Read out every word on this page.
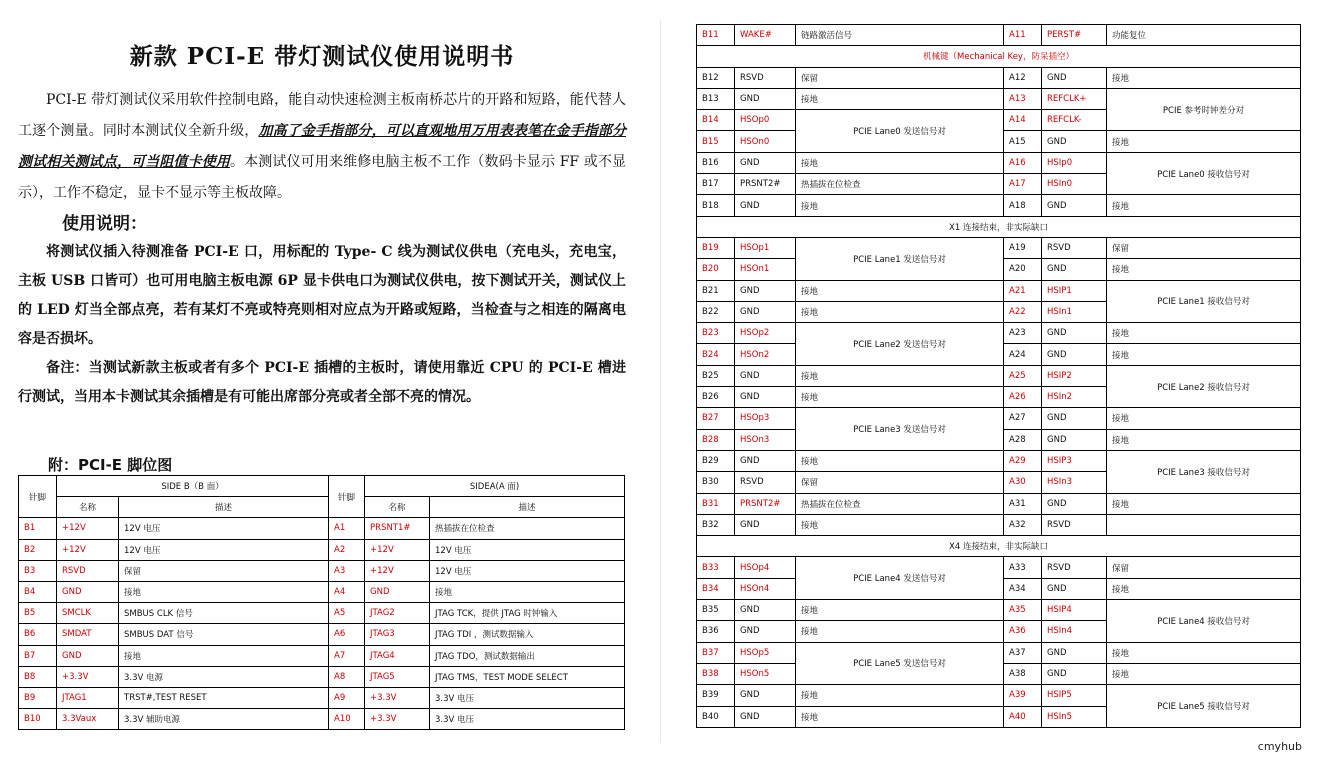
新款 PCI-E 带灯测试仪使用说明书

PCI-E 带灯测试仪采用软件控制电路，能自动快速检测主板南桥芯片的开路和短路，能代替人工逐个测量。同时本测试仪全新升级，加高了金手指部分，可以直观地用万用表表笔在金手指部分测试相关测试点，可当阻值卡使用。本测试仪可用来维修电脑主板不工作（数码卡显示 FF 或不显示），工作不稳定，显卡不显示等主板故障。

使用说明：

将测试仪插入待测准备 PCI-E 口，用标配的 Type- C 线为测试仪供电（充电头，充电宝，主板 USB 口皆可）也可用电脑主板电源 6P 显卡供电口为测试仪供电，按下测试开关，测试仪上的 LED 灯当全部点亮，若有某灯不亮或特亮则相对应点为开路或短路，当检查与之相连的隔离电容是否损坏。

备注：当测试新款主板或者有多个 PCI-E 插槽的主板时，请使用靠近 CPU 的 PCI-E 槽进行测试，当用本卡测试其余插槽是有可能出席部分亮或者全部不亮的情况。

附：PCI-E 脚位图

针脚	SIDE B（B 面）		针脚	SIDEA(A 面)	
	名称	描述		名称	描述
B1	+12V	12V 电压	A1	PRSNT1#	热插拔在位检查
B2	+12V	12V 电压	A2	+12V	12V 电压
B3	RSVD	保留	A3	+12V	12V 电压
B4	GND	接地	A4	GND	接地
B5	SMCLK	SMBUS CLK 信号	A5	JTAG2	JTAG TCK，提供 JTAG 时钟输入
B6	SMDAT	SMBUS DAT 信号	A6	JTAG3	JTAG TDI ，测试数据输入
B7	GND	接地	A7	JTAG4	JTAG TDO，测试数据输出
B8	+3.3V	3.3V 电源	A8	JTAG5	JTAG TMS，TEST MODE SELECT
B9	JTAG1	TRST#,TEST RESET	A9	+3.3V	3.3V 电压
B10	3.3Vaux	3.3V 辅助电源	A10	+3.3V	3.3V 电压
B11	WAKE#	链路激活信号	A11	PERST#	功能复位
机械键（Mechanical Key，防呆插空）					
B12	RSVD	保留	A12	GND	接地
B13	GND	接地	A13	REFCLK+	PCIE 参考时钟差分对
B14	HSOp0	PCIE Lane0 发送信号对	A14	REFCLK-	
B15	HSOn0		A15	GND	接地
B16	GND	接地	A16	HSIp0	PCIE Lane0 接收信号对
B17	PRSNT2#	热插拔在位检查	A17	HSIn0	
B18	GND	接地	A18	GND	接地
X1 连接结束，非实际缺口					
B19	HSOp1	PCIE Lane1 发送信号对	A19	RSVD	保留
B20	HSOn1		A20	GND	接地
B21	GND	接地	A21	HSIP1	PCIE Lane1 接收信号对
B22	GND	接地	A22	HSIn1	
B23	HSOp2	PCIE Lane2 发送信号对	A23	GND	接地
B24	HSOn2		A24	GND	接地
B25	GND	接地	A25	HSIP2	PCIE Lane2 接收信号对
B26	GND	接地	A26	HSIn2	
B27	HSOp3	PCIE Lane3 发送信号对	A27	GND	接地
B28	HSOn3		A28	GND	接地
B29	GND	接地	A29	HSIP3	PCIE Lane3 接收信号对
B30	RSVD	保留	A30	HSIn3	
B31	PRSNT2#	热插拔在位检查	A31	GND	接地
B32	GND	接地	A32	RSVD	
X4 连接结束，非实际缺口					
B33	HSOp4	PCIE Lane4 发送信号对	A33	RSVD	保留
B34	HSOn4		A34	GND	接地
B35	GND	接地	A35	HSIP4	PCIE Lane4 接收信号对
B36	GND	接地	A36	HSIn4	
B37	HSOp5	PCIE Lane5 发送信号对	A37	GND	接地
B38	HSOn5		A38	GND	接地
B39	GND	接地	A39	HSIP5	PCIE Lane5 接收信号对
B40	GND	接地	A40	HSIn5	
cmyhub
